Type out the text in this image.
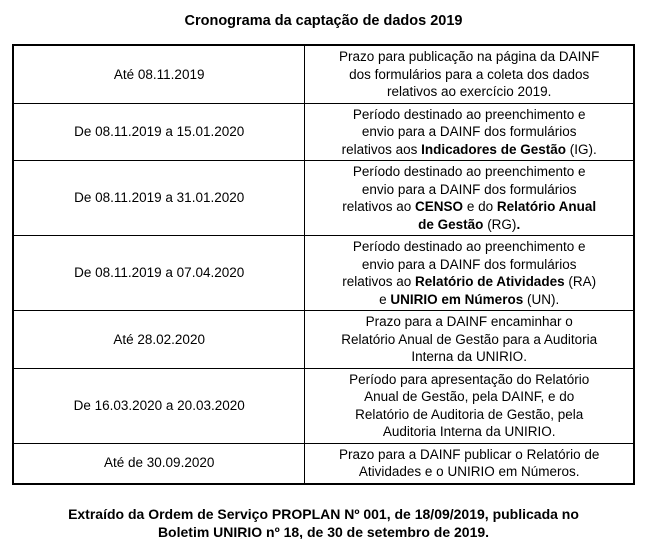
Cronograma da captação de dados 2019
Até 08.11.2019	Prazo para publicação na página da DAINF
dos formulários para a coleta dos dados
relativos ao exercício 2019.

De 08.11.2019 a 15.01.2020	Período destinado ao preenchimento e
envio para a DAINF dos formulários
relativos aos Indicadores de Gestão (IG).

De 08.11.2019 a 31.01.2020	Período destinado ao preenchimento e
envio para a DAINF dos formulários
relativos ao CENSO e do Relatório Anual
de Gestão (RG).

De 08.11.2019 a 07.04.2020	Período destinado ao preenchimento e
envio para a DAINF dos formulários
relativos ao Relatório de Atividades (RA)
e UNIRIO em Números (UN).

Até 28.02.2020	Prazo para a DAINF encaminhar o
Relatório Anual de Gestão para a Auditoria
Interna da UNIRIO.

De 16.03.2020 a 20.03.2020	Período para apresentação do Relatório
Anual de Gestão, pela DAINF, e do
Relatório de Auditoria de Gestão, pela
Auditoria Interna da UNIRIO.

Até de 30.09.2020	Prazo para a DAINF publicar o Relatório de
Atividades e o UNIRIO em Números.
Extraído da Ordem de Serviço PROPLAN Nº 001, de 18/09/2019, publicada no
Boletim UNIRIO nº 18, de 30 de setembro de 2019.
